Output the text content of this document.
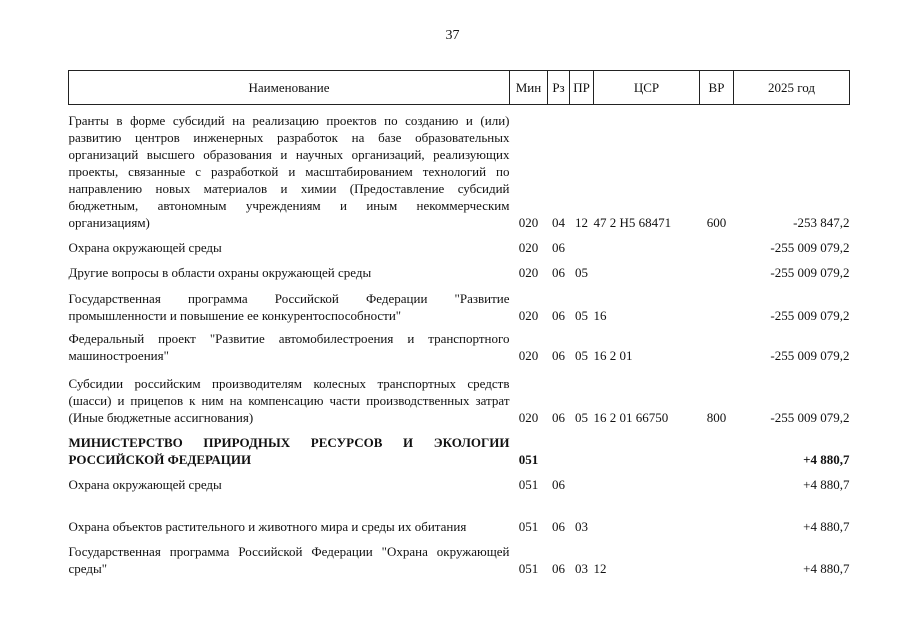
37
Наименование	Мин	Рз	ПР	ЦСР	ВР	2025 год
Гранты в форме субсидий на реализацию проектов по созданию и (или) развитию центров инженерных разработок на базе образовательных организаций высшего образования и научных организаций, реализующих проекты, связанные с разработкой и масштабированием технологий по направлению новых материалов и химии (Предоставление субсидий бюджетным, автономным учреждениям и иным некоммерческим организациям)	020	04	12	47 2 Н5 68471	600	-253 847,2
Охрана окружающей среды	020	06				-255 009 079,2
Другие вопросы в области охраны окружающей среды	020	06	05			-255 009 079,2
Государственная программа Российской Федерации "Развитие промышленности и повышение ее конкурентоспособности"	020	06	05	16		-255 009 079,2
Федеральный проект "Развитие автомобилестроения и транспортного машиностроения"	020	06	05	16 2 01		-255 009 079,2
Субсидии российским производителям колесных транспортных средств (шасси) и прицепов к ним на компенсацию части производственных затрат (Иные бюджетные ассигнования)	020	06	05	16 2 01 66750	800	-255 009 079,2
МИНИСТЕРСТВО ПРИРОДНЫХ РЕСУРСОВ И ЭКОЛОГИИ РОССИЙСКОЙ ФЕДЕРАЦИИ	051					+4 880,7
Охрана окружающей среды	051	06				+4 880,7
Охрана объектов растительного и животного мира и среды их обитания	051	06	03			+4 880,7
Государственная программа Российской Федерации "Охрана окружающей среды"	051	06	03	12		+4 880,7
